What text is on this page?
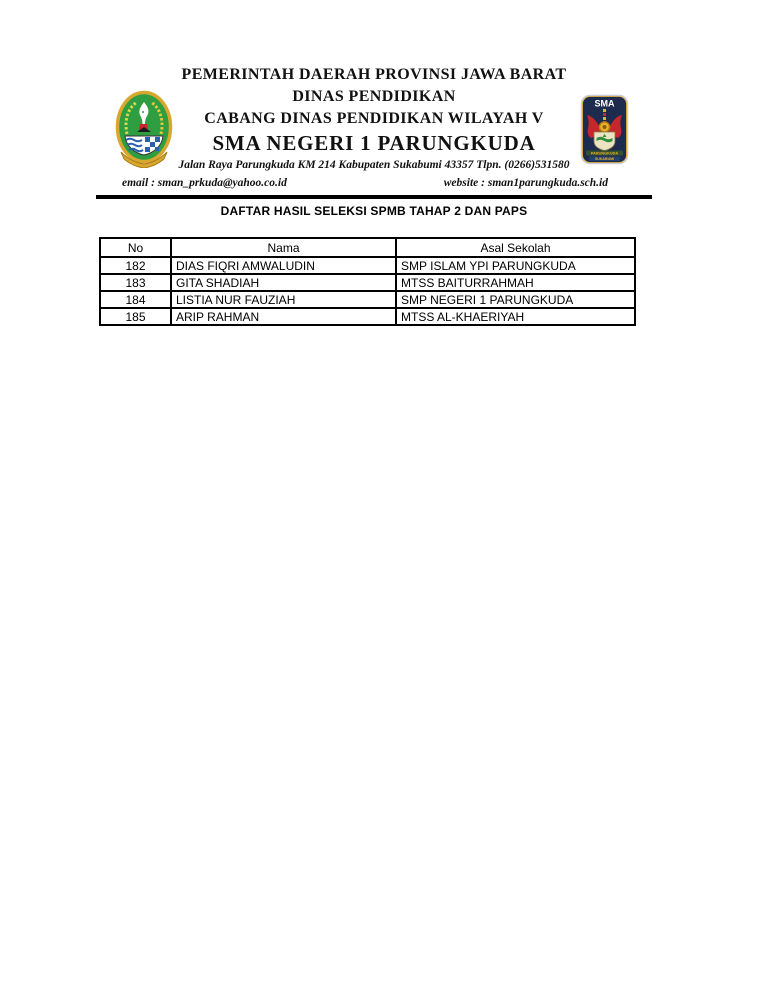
SMA
PARUNGKUDA
SUKABUMI
PEMERINTAH DAERAH PROVINSI JAWA BARAT
DINAS PENDIDIKAN
CABANG DINAS PENDIDIKAN WILAYAH V
SMA NEGERI 1 PARUNGKUDA
Jalan Raya Parungkuda KM 214 Kabupaten Sukabumi 43357 Tlpn. (0266)531580
email : sman_prkuda@yahoo.co.id	website : sman1parungkuda.sch.id
DAFTAR HASIL SELEKSI SPMB TAHAP 2 DAN PAPS
No	Nama	Asal Sekolah
182	DIAS FIQRI AMWALUDIN	SMP ISLAM YPI PARUNGKUDA
183	GITA SHADIAH	MTSS BAITURRAHMAH
184	LISTIA NUR FAUZIAH	SMP NEGERI 1 PARUNGKUDA
185	ARIP RAHMAN	MTSS AL-KHAERIYAH
